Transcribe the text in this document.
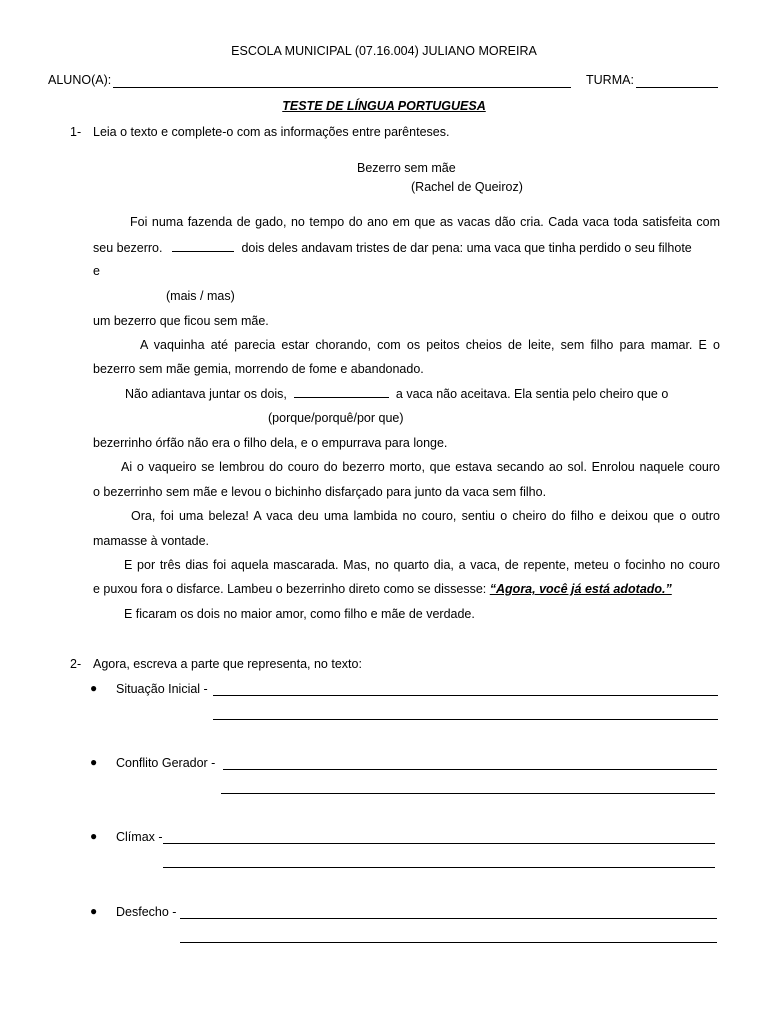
ESCOLA MUNICIPAL (07.16.004) JULIANO MOREIRA
ALUNO(A):	TURMA:
TESTE DE LÍNGUA PORTUGUESA
1- Leia o texto e complete-o com as informações entre parênteses.
Bezerro sem mãe
(Rachel de Queiroz)
Foi numa fazenda de gado, no tempo do ano em que as vacas dão cria. Cada vaca toda satisfeita com
seu bezerro.	dois deles andavam tristes de dar pena: uma vaca que tinha perdido o seu filhote
e
(mais / mas)
um bezerro que ficou sem mãe.
A vaquinha até parecia estar chorando, com os peitos cheios de leite, sem filho para mamar. E o
bezerro sem mãe gemia, morrendo de fome e abandonado.
Não adiantava juntar os dois,	a vaca não aceitava. Ela sentia pelo cheiro que o
(porque/porquê/por que)
bezerrinho órfão não era o filho dela, e o empurrava para longe.
Ai o vaqueiro se lembrou do couro do bezerro morto, que estava secando ao sol. Enrolou naquele couro
o bezerrinho sem mãe e levou o bichinho disfarçado para junto da vaca sem filho.
Ora, foi uma beleza! A vaca deu uma lambida no couro, sentiu o cheiro do filho e deixou que o outro
mamasse à vontade.
E por três dias foi aquela mascarada. Mas, no quarto dia, a vaca, de repente, meteu o focinho no couro
e puxou fora o disfarce. Lambeu o bezerrinho direto como se dissesse: “Agora, você já está adotado.”
E ficaram os dois no maior amor, como filho e mãe de verdade.
2- Agora, escreva a parte que representa, no texto:
● Situação Inicial -
● Conflito Gerador -
● Clímax -
● Desfecho -
